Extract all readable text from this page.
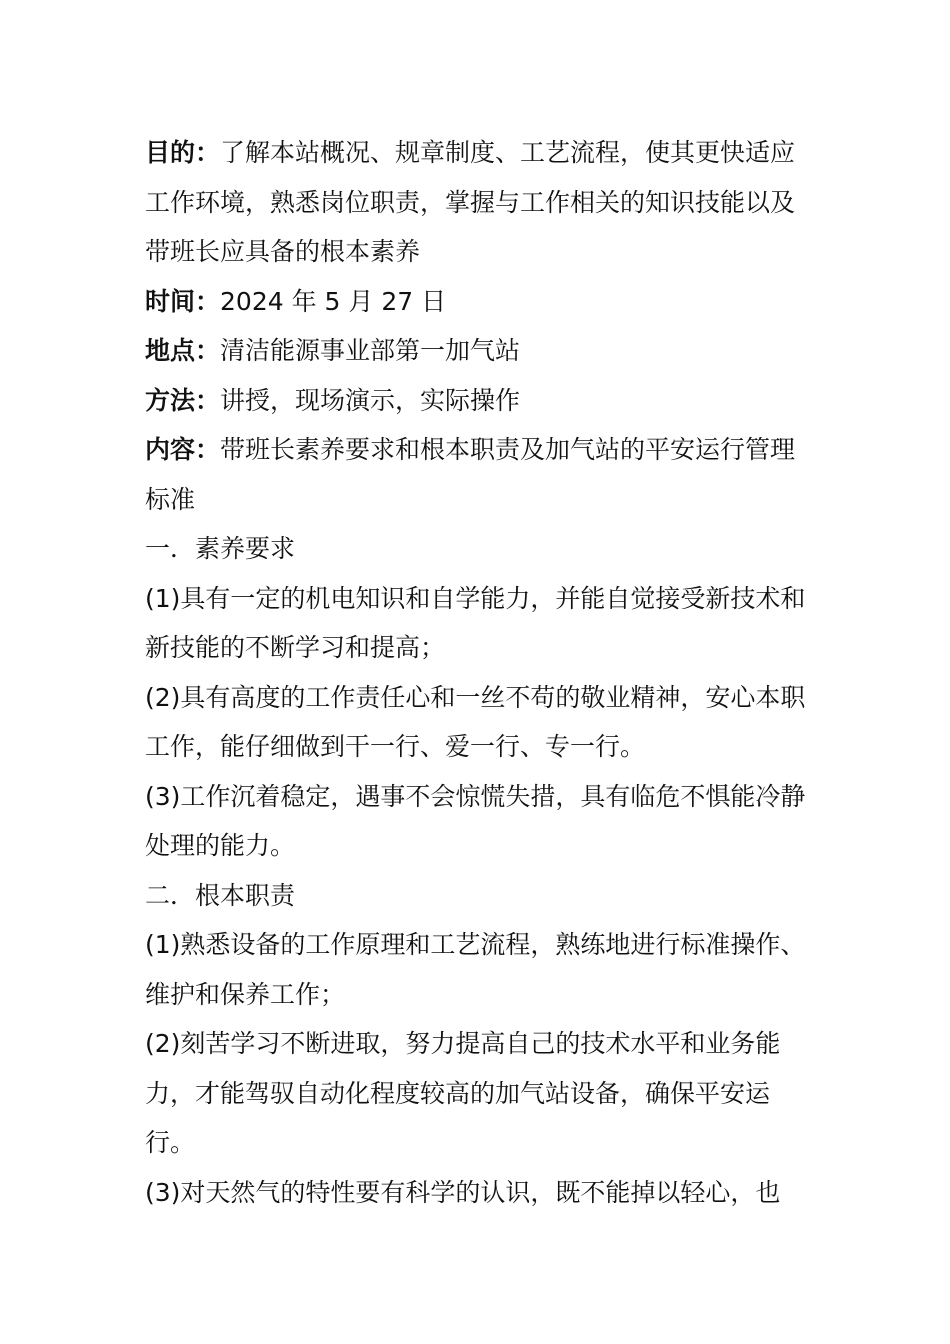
目的：了解本站概况、规章制度、工艺流程，使其更快适应工作环境，熟悉岗位职责，掌握与工作相关的知识技能以及带班长应具备的根本素养

时间：2024 年 5 月 27 日

地点：清洁能源事业部第一加气站

方法：讲授，现场演示，实际操作

内容：带班长素养要求和根本职责及加气站的平安运行管理标准

一．素养要求

(1)具有一定的机电知识和自学能力，并能自觉接受新技术和新技能的不断学习和提高；

(2)具有高度的工作责任心和一丝不苟的敬业精神，安心本职工作，能仔细做到干一行、爱一行、专一行。

(3)工作沉着稳定，遇事不会惊慌失措，具有临危不惧能冷静处理的能力。

二．根本职责

(1)熟悉设备的工作原理和工艺流程，熟练地进行标准操作、维护和保养工作；

(2)刻苦学习不断进取，努力提高自己的技术水平和业务能力，才能驾驭自动化程度较高的加气站设备，确保平安运行。

(3)对天然气的特性要有科学的认识，既不能掉以轻心，也
